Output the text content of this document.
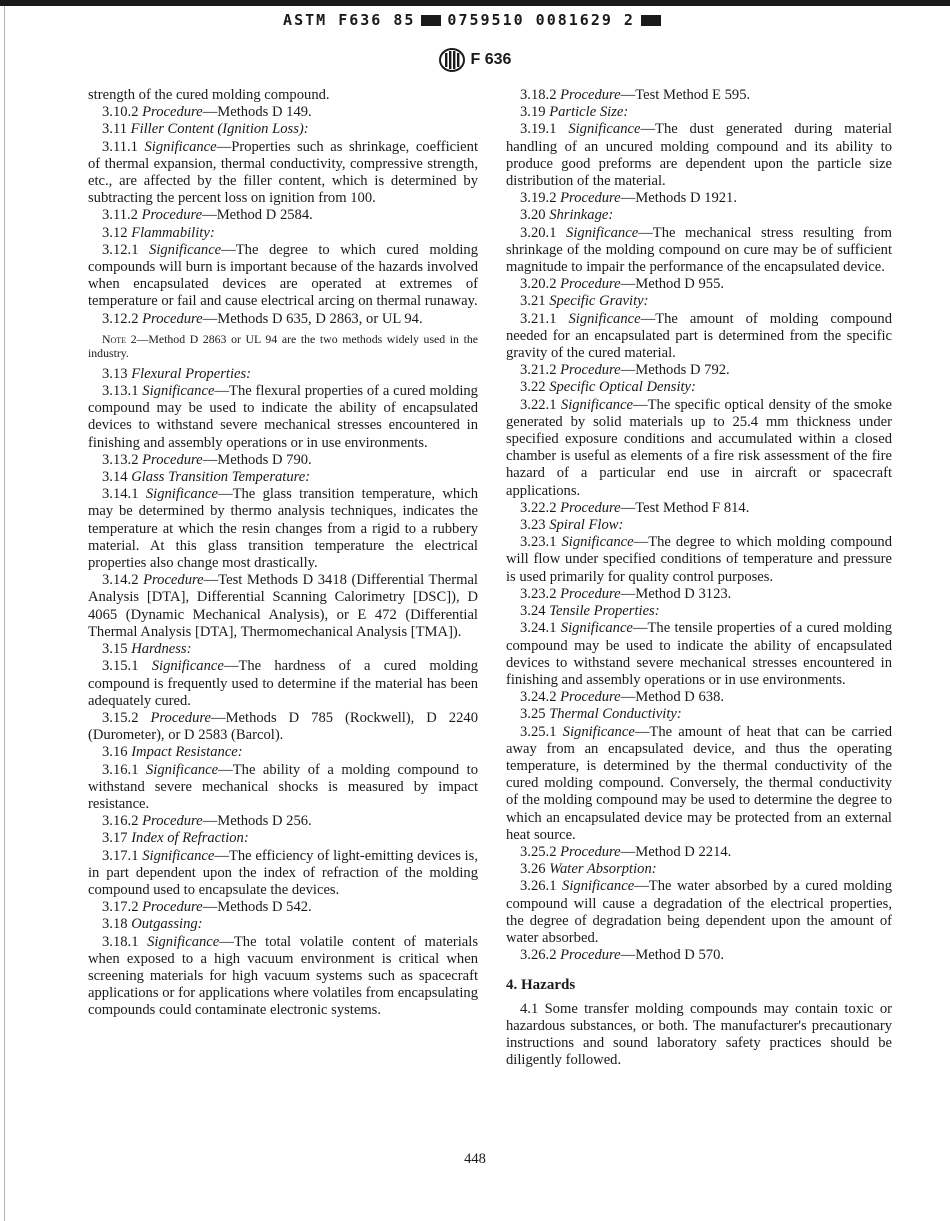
ASTM F636 85 0759510 0081629 2
F 636

strength of the cured molding compound.

3.10.2 Procedure—Methods D 149.

3.11 Filler Content (Ignition Loss):

3.11.1 Significance—Properties such as shrinkage, coefficient of thermal expansion, thermal conductivity, compressive strength, etc., are affected by the filler content, which is determined by subtracting the percent loss on ignition from 100.

3.11.2 Procedure—Method D 2584.

3.12 Flammability:

3.12.1 Significance—The degree to which cured molding compounds will burn is important because of the hazards involved when encapsulated devices are operated at extremes of temperature or fail and cause electrical arcing on thermal runaway.

3.12.2 Procedure—Methods D 635, D 2863, or UL 94.

Note 2—Method D 2863 or UL 94 are the two methods widely used in the industry.

3.13 Flexural Properties:

3.13.1 Significance—The flexural properties of a cured molding compound may be used to indicate the ability of encapsulated devices to withstand severe mechanical stresses encountered in finishing and assembly operations or in use environments.

3.13.2 Procedure—Methods D 790.

3.14 Glass Transition Temperature:

3.14.1 Significance—The glass transition temperature, which may be determined by thermo analysis techniques, indicates the temperature at which the resin changes from a rigid to a rubbery material. At this glass transition temperature the electrical properties also change most drastically.

3.14.2 Procedure—Test Methods D 3418 (Differential Thermal Analysis [DTA], Differential Scanning Calorimetry [DSC]), D 4065 (Dynamic Mechanical Analysis), or E 472 (Differential Thermal Analysis [DTA], Thermomechanical Analysis [TMA]).

3.15 Hardness:

3.15.1 Significance—The hardness of a cured molding compound is frequently used to determine if the material has been adequately cured.

3.15.2 Procedure—Methods D 785 (Rockwell), D 2240 (Durometer), or D 2583 (Barcol).

3.16 Impact Resistance:

3.16.1 Significance—The ability of a molding compound to withstand severe mechanical shocks is measured by impact resistance.

3.16.2 Procedure—Methods D 256.

3.17 Index of Refraction:

3.17.1 Significance—The efficiency of light-emitting devices is, in part dependent upon the index of refraction of the molding compound used to encapsulate the devices.

3.17.2 Procedure—Methods D 542.

3.18 Outgassing:

3.18.1 Significance—The total volatile content of materials when exposed to a high vacuum environment is critical when screening materials for high vacuum systems such as spacecraft applications or for applications where volatiles from encapsulating compounds could contaminate electronic systems.

3.18.2 Procedure—Test Method E 595.

3.19 Particle Size:

3.19.1 Significance—The dust generated during material handling of an uncured molding compound and its ability to produce good preforms are dependent upon the particle size distribution of the material.

3.19.2 Procedure—Methods D 1921.

3.20 Shrinkage:

3.20.1 Significance—The mechanical stress resulting from shrinkage of the molding compound on cure may be of sufficient magnitude to impair the performance of the encapsulated device.

3.20.2 Procedure—Method D 955.

3.21 Specific Gravity:

3.21.1 Significance—The amount of molding compound needed for an encapsulated part is determined from the specific gravity of the cured material.

3.21.2 Procedure—Methods D 792.

3.22 Specific Optical Density:

3.22.1 Significance—The specific optical density of the smoke generated by solid materials up to 25.4 mm thickness under specified exposure conditions and accumulated within a closed chamber is useful as elements of a fire risk assessment of the fire hazard of a particular end use in aircraft or spacecraft applications.

3.22.2 Procedure—Test Method F 814.

3.23 Spiral Flow:

3.23.1 Significance—The degree to which molding compound will flow under specified conditions of temperature and pressure is used primarily for quality control purposes.

3.23.2 Procedure—Method D 3123.

3.24 Tensile Properties:

3.24.1 Significance—The tensile properties of a cured molding compound may be used to indicate the ability of encapsulated devices to withstand severe mechanical stresses encountered in finishing and assembly operations or in use environments.

3.24.2 Procedure—Method D 638.

3.25 Thermal Conductivity:

3.25.1 Significance—The amount of heat that can be carried away from an encapsulated device, and thus the operating temperature, is determined by the thermal conductivity of the cured molding compound. Conversely, the thermal conductivity of the molding compound may be used to determine the degree to which an encapsulated device may be protected from an external heat source.

3.25.2 Procedure—Method D 2214.

3.26 Water Absorption:

3.26.1 Significance—The water absorbed by a cured molding compound will cause a degradation of the electrical properties, the degree of degradation being dependent upon the amount of water absorbed.

3.26.2 Procedure—Method D 570.

4. Hazards

4.1 Some transfer molding compounds may contain toxic or hazardous substances, or both. The manufacturer's precautionary instructions and sound laboratory safety practices should be diligently followed.

448
